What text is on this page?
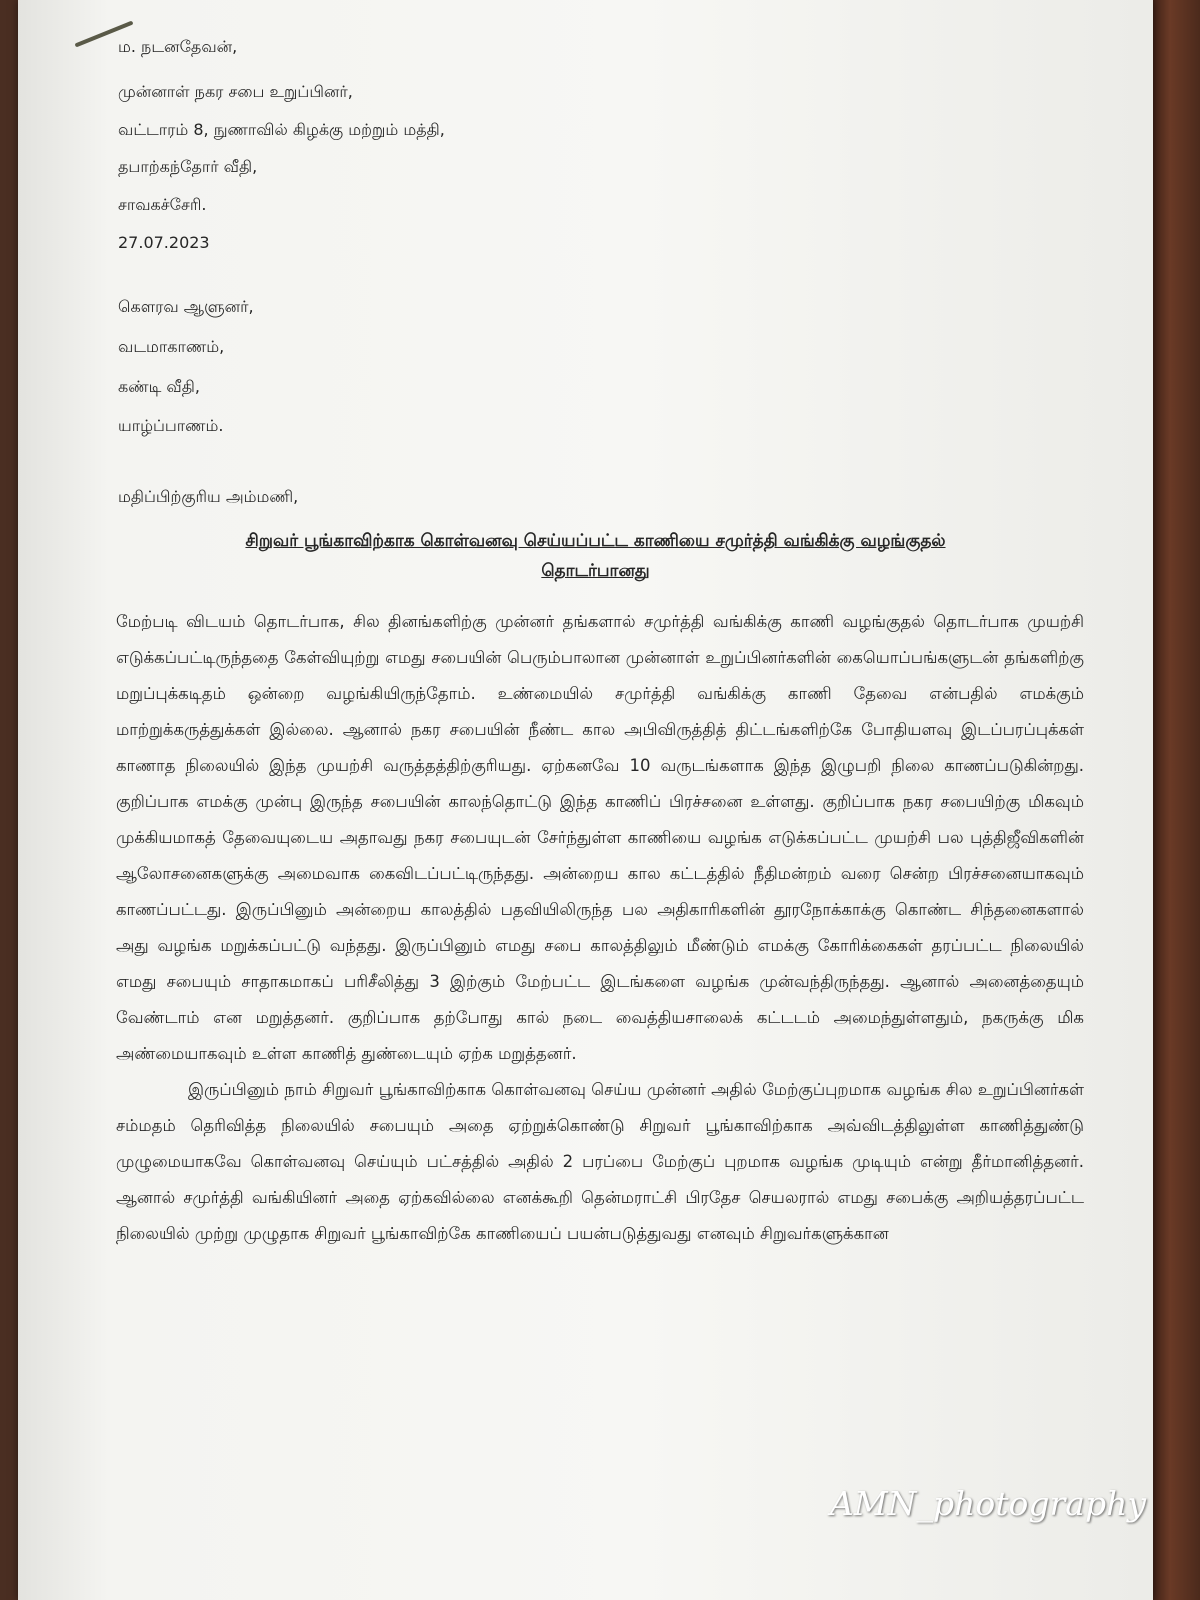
ம. நடனதேவன்,
முன்னாள் நகர சபை உறுப்பினர்,
வட்டாரம் 8, நுணாவில் கிழக்கு மற்றும் மத்தி,
தபாற்கந்தோர் வீதி,
சாவகச்சேரி.
27.07.2023
கௌரவ ஆளுனர்,
வடமாகாணம்,
கண்டி வீதி,
யாழ்ப்பாணம்.
மதிப்பிற்குரிய அம்மணி,
சிறுவர் பூங்காவிற்காக கொள்வனவு செய்யப்பட்ட காணியை சமுர்த்தி வங்கிக்கு வழங்குதல்
தொடர்பானது

மேற்படி விடயம் தொடர்பாக, சில தினங்களிற்கு முன்னர் தங்களால் சமுர்த்தி வங்கிக்கு காணி வழங்குதல் தொடர்பாக முயற்சி எடுக்கப்பட்டிருந்ததை கேள்வியுற்று எமது சபையின் பெரும்பாலான முன்னாள் உறுப்பினர்களின் கையொப்பங்களுடன் தங்களிற்கு மறுப்புக்கடிதம் ஒன்றை வழங்கியிருந்தோம். உண்மையில் சமுர்த்தி வங்கிக்கு காணி தேவை என்பதில் எமக்கும் மாற்றுக்கருத்துக்கள் இல்லை. ஆனால் நகர சபையின் நீண்ட கால அபிவிருத்தித் திட்டங்களிற்கே போதியளவு இடப்பரப்புக்கள் காணாத நிலையில் இந்த முயற்சி வருத்தத்திற்குரியது. ஏற்கனவே 10 வருடங்களாக இந்த இழுபறி நிலை காணப்படுகின்றது. குறிப்பாக எமக்கு முன்பு இருந்த சபையின் காலந்தொட்டு இந்த காணிப் பிரச்சனை உள்ளது. குறிப்பாக நகர சபையிற்கு மிகவும் முக்கியமாகத் தேவையுடைய அதாவது நகர சபையுடன் சேர்ந்துள்ள காணியை வழங்க எடுக்கப்பட்ட முயற்சி பல புத்திஜீவிகளின் ஆலோசனைகளுக்கு அமைவாக கைவிடப்பட்டிருந்தது. அன்றைய கால கட்டத்தில் நீதிமன்றம் வரை சென்ற பிரச்சனையாகவும் காணப்பட்டது. இருப்பினும் அன்றைய காலத்தில் பதவியிலிருந்த பல அதிகாரிகளின் தூரநோக்காக்கு கொண்ட சிந்தனைகளால் அது வழங்க மறுக்கப்பட்டு வந்தது. இருப்பினும் எமது சபை காலத்திலும் மீண்டும் எமக்கு கோரிக்கைகள் தரப்பட்ட நிலையில் எமது சபையும் சாதாகமாகப் பரிசீலித்து 3 இற்கும் மேற்பட்ட இடங்களை வழங்க முன்வந்திருந்தது. ஆனால் அனைத்தையும் வேண்டாம் என மறுத்தனர். குறிப்பாக தற்போது கால் நடை வைத்தியசாலைக் கட்டடம் அமைந்துள்ளதும், நகருக்கு மிக அண்மையாகவும் உள்ள காணித் துண்டையும் ஏற்க மறுத்தனர்.

இருப்பினும் நாம் சிறுவர் பூங்காவிற்காக கொள்வனவு செய்ய முன்னர் அதில் மேற்குப்புறமாக வழங்க சில உறுப்பினர்கள் சம்மதம் தெரிவித்த நிலையில் சபையும் அதை ஏற்றுக்கொண்டு சிறுவர் பூங்காவிற்காக அவ்விடத்திலுள்ள காணித்துண்டு முழுமையாகவே கொள்வனவு செய்யும் பட்சத்தில் அதில் 2 பரப்பை மேற்குப் புறமாக வழங்க முடியும் என்று தீர்மானித்தனர். ஆனால் சமுர்த்தி வங்கியினர் அதை ஏற்கவில்லை எனக்கூறி தென்மராட்சி பிரதேச செயலரால் எமது சபைக்கு அறியத்தரப்பட்ட நிலையில் முற்று முழுதாக சிறுவர் பூங்காவிற்கே காணியைப் பயன்படுத்துவது எனவும் சிறுவர்களுக்கான

AMN_photography
